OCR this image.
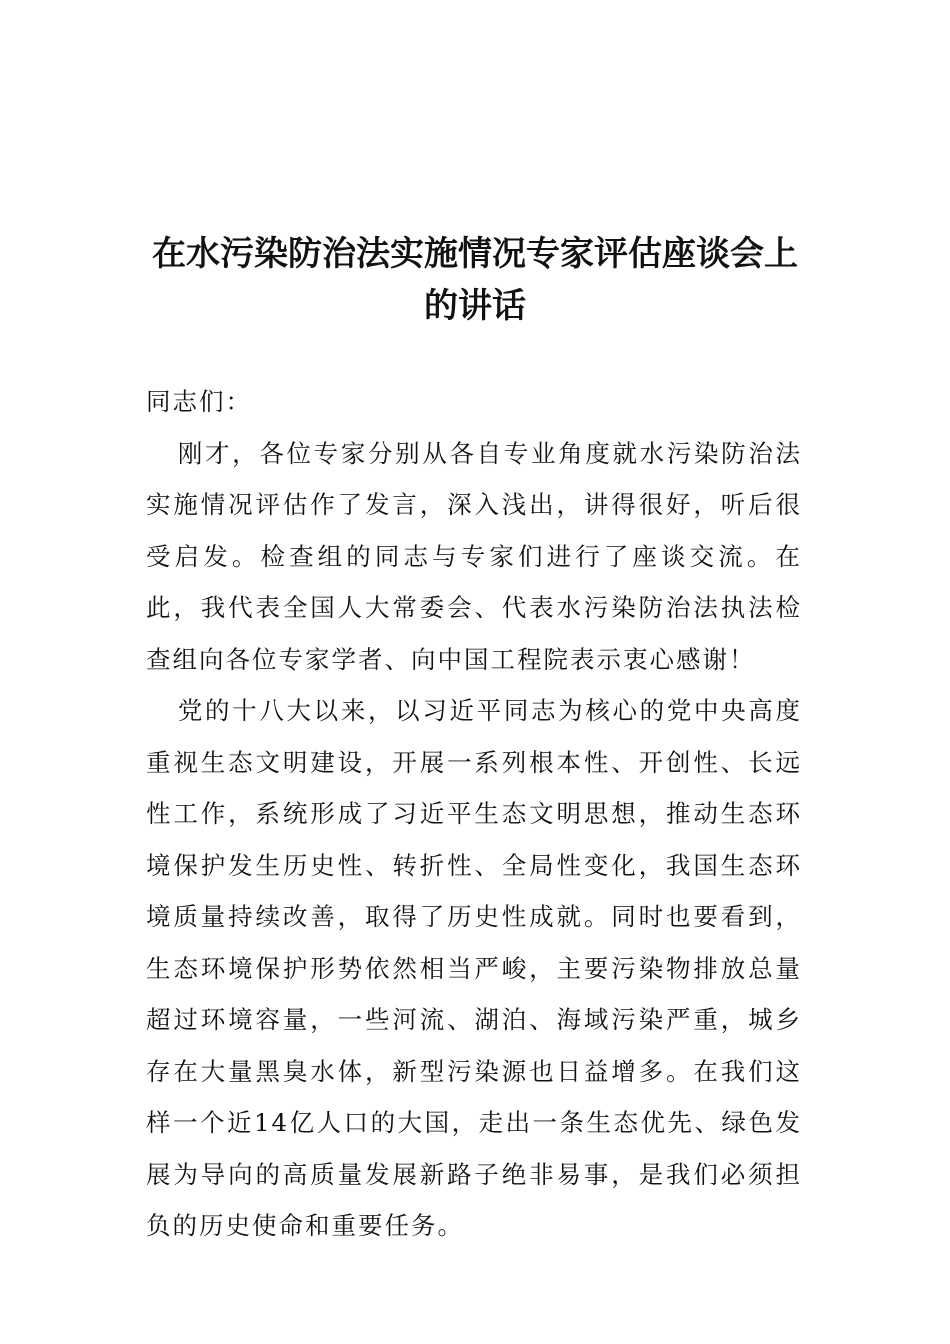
在水污染防治法实施情况专家评估座谈会上的讲话

同志们：

刚才，各位专家分别从各自专业角度就水污染防治法实施情况评估作了发言，深入浅出，讲得很好，听后很受启发。检查组的同志与专家们进行了座谈交流。在此，我代表全国人大常委会、代表水污染防治法执法检查组向各位专家学者、向中国工程院表示衷心感谢！

党的十八大以来，以习近平同志为核心的党中央高度重视生态文明建设，开展一系列根本性、开创性、长远性工作，系统形成了习近平生态文明思想，推动生态环境保护发生历史性、转折性、全局性变化，我国生态环境质量持续改善，取得了历史性成就。同时也要看到，生态环境保护形势依然相当严峻，主要污染物排放总量超过环境容量，一些河流、湖泊、海域污染严重，城乡存在大量黑臭水体，新型污染源也日益增多。在我们这样一个近14亿人口的大国，走出一条生态优先、绿色发展为导向的高质量发展新路子绝非易事，是我们必须担负的历史使命和重要任务。
